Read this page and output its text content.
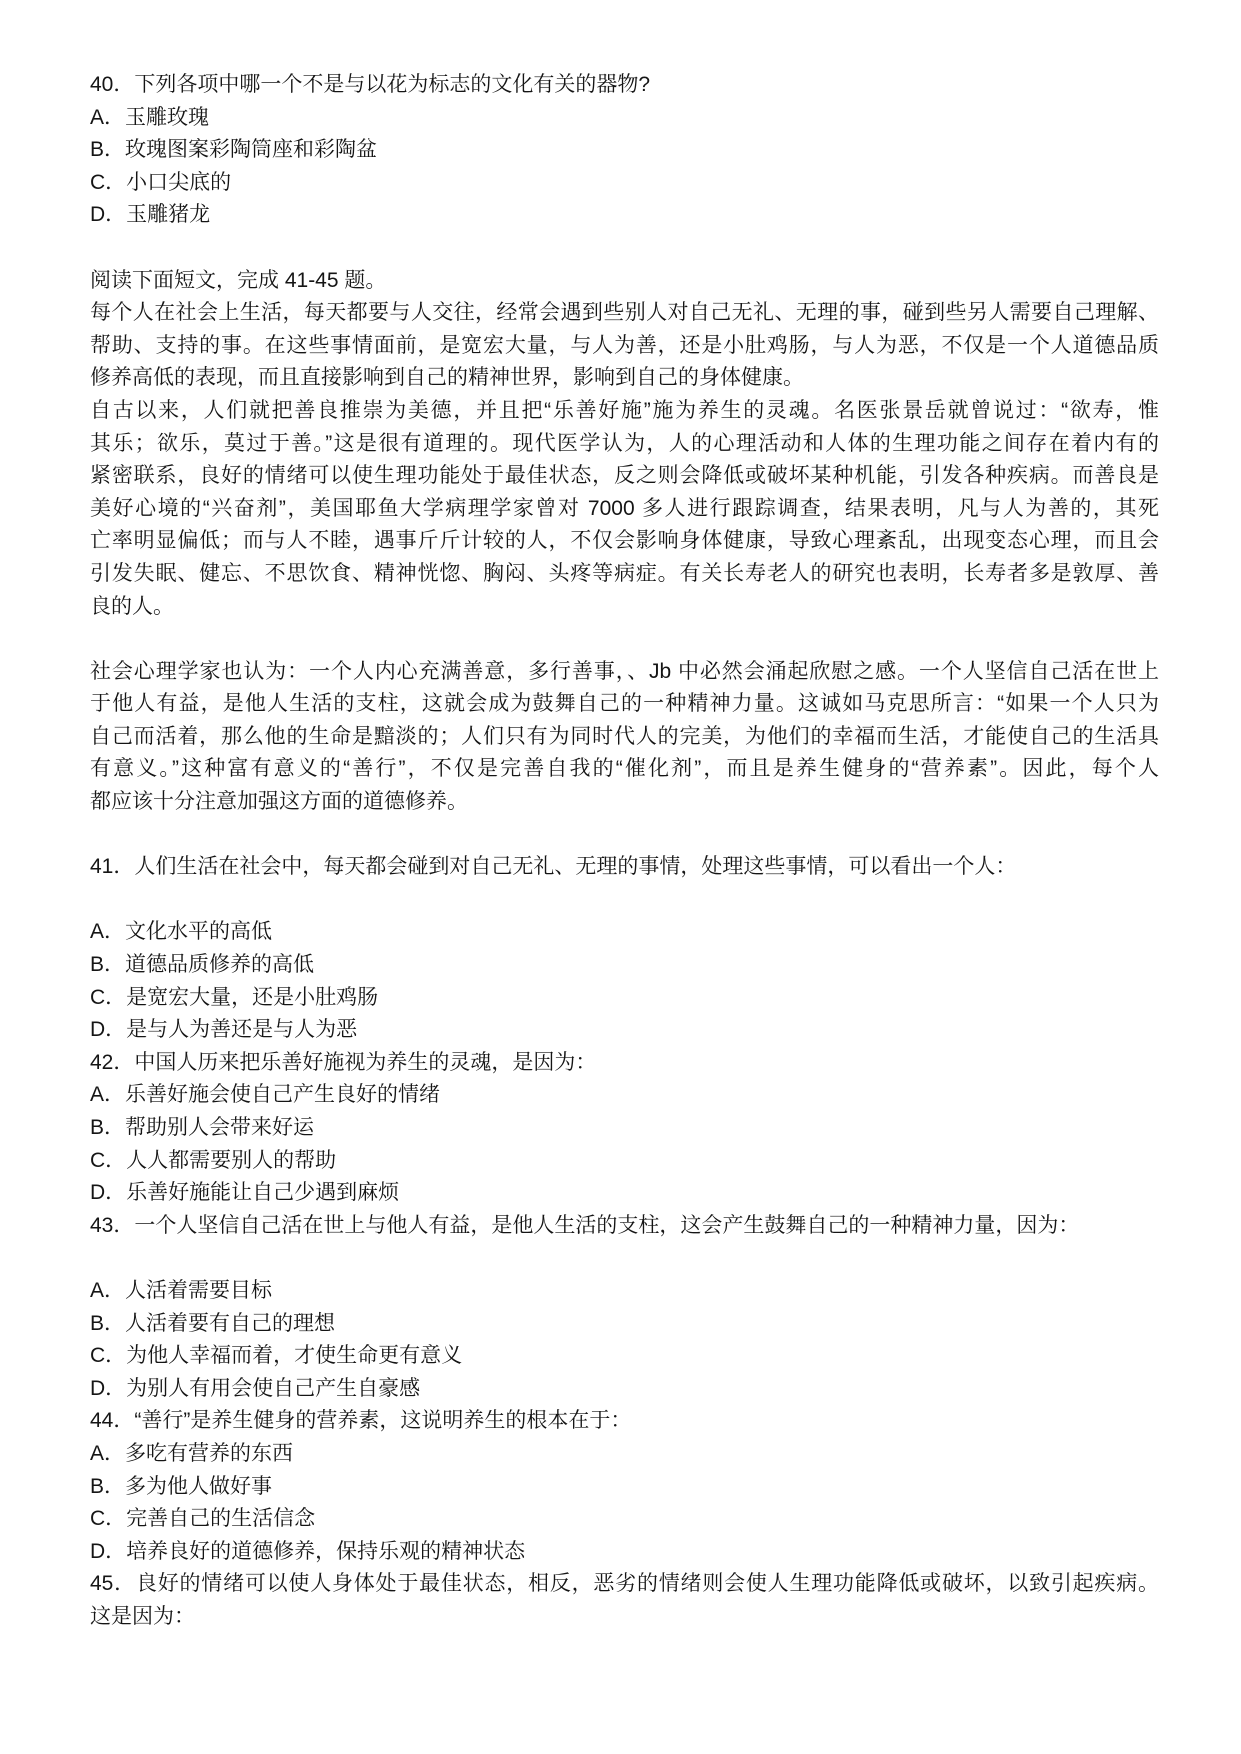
40．下列各项中哪一个不是与以花为标志的文化有关的器物?
A．玉雕玫瑰
B．玫瑰图案彩陶筒座和彩陶盆
C．小口尖底的
D．玉雕猪龙
阅读下面短文，完成 41-45 题。
每个人在社会上生活，每天都要与人交往，经常会遇到些别人对自己无礼、无理的事，碰到些另人需要自己理解、
帮助、支持的事。在这些事情面前，是宽宏大量，与人为善，还是小肚鸡肠，与人为恶，不仅是一个人道德品质
修养高低的表现，而且直接影响到自己的精神世界，影响到自己的身体健康。
自古以来，人们就把善良推崇为美德，并且把“乐善好施”施为养生的灵魂。名医张景岳就曾说过：“欲寿，惟
其乐；欲乐，莫过于善。”这是很有道理的。现代医学认为，人的心理活动和人体的生理功能之间存在着内有的
紧密联系，良好的情绪可以使生理功能处于最佳状态，反之则会降低或破坏某种机能，引发各种疾病。而善良是
美好心境的“兴奋剂”，美国耶鱼大学病理学家曾对 7000 多人进行跟踪调查，结果表明，凡与人为善的，其死
亡率明显偏低；而与人不睦，遇事斤斤计较的人，不仅会影响身体健康，导致心理紊乱，出现变态心理，而且会
引发失眠、健忘、不思饮食、精神恍惚、胸闷、头疼等病症。有关长寿老人的研究也表明，长寿者多是敦厚、善
良的人。
社会心理学家也认为：一个人内心充满善意，多行善事，、Jb 中必然会涌起欣慰之感。一个人坚信自己活在世上
于他人有益，是他人生活的支柱，这就会成为鼓舞自己的一种精神力量。这诚如马克思所言：“如果一个人只为
自己而活着，那么他的生命是黯淡的；人们只有为同时代人的完美，为他们的幸福而生活，才能使自己的生活具
有意义。”这种富有意义的“善行”，不仅是完善自我的“催化剂”，而且是养生健身的“营养素”。因此，每个人
都应该十分注意加强这方面的道德修养。
41．人们生活在社会中，每天都会碰到对自己无礼、无理的事情，处理这些事情，可以看出一个人：
A．文化水平的高低
B．道德品质修养的高低
C．是宽宏大量，还是小肚鸡肠
D．是与人为善还是与人为恶
42．中国人历来把乐善好施视为养生的灵魂，是因为：
A．乐善好施会使自己产生良好的情绪
B．帮助别人会带来好运
C．人人都需要别人的帮助
D．乐善好施能让自己少遇到麻烦
43．一个人坚信自己活在世上与他人有益，是他人生活的支柱，这会产生鼓舞自己的一种精神力量，因为：
A．人活着需要目标
B．人活着要有自己的理想
C．为他人幸福而着，才使生命更有意义
D．为别人有用会使自己产生自豪感
44．“善行”是养生健身的营养素，这说明养生的根本在于：
A．多吃有营养的东西
B．多为他人做好事
C．完善自己的生活信念
D．培养良好的道德修养，保持乐观的精神状态
45．良好的情绪可以使人身体处于最佳状态，相反，恶劣的情绪则会使人生理功能降低或破坏，以致引起疾病。
这是因为：
